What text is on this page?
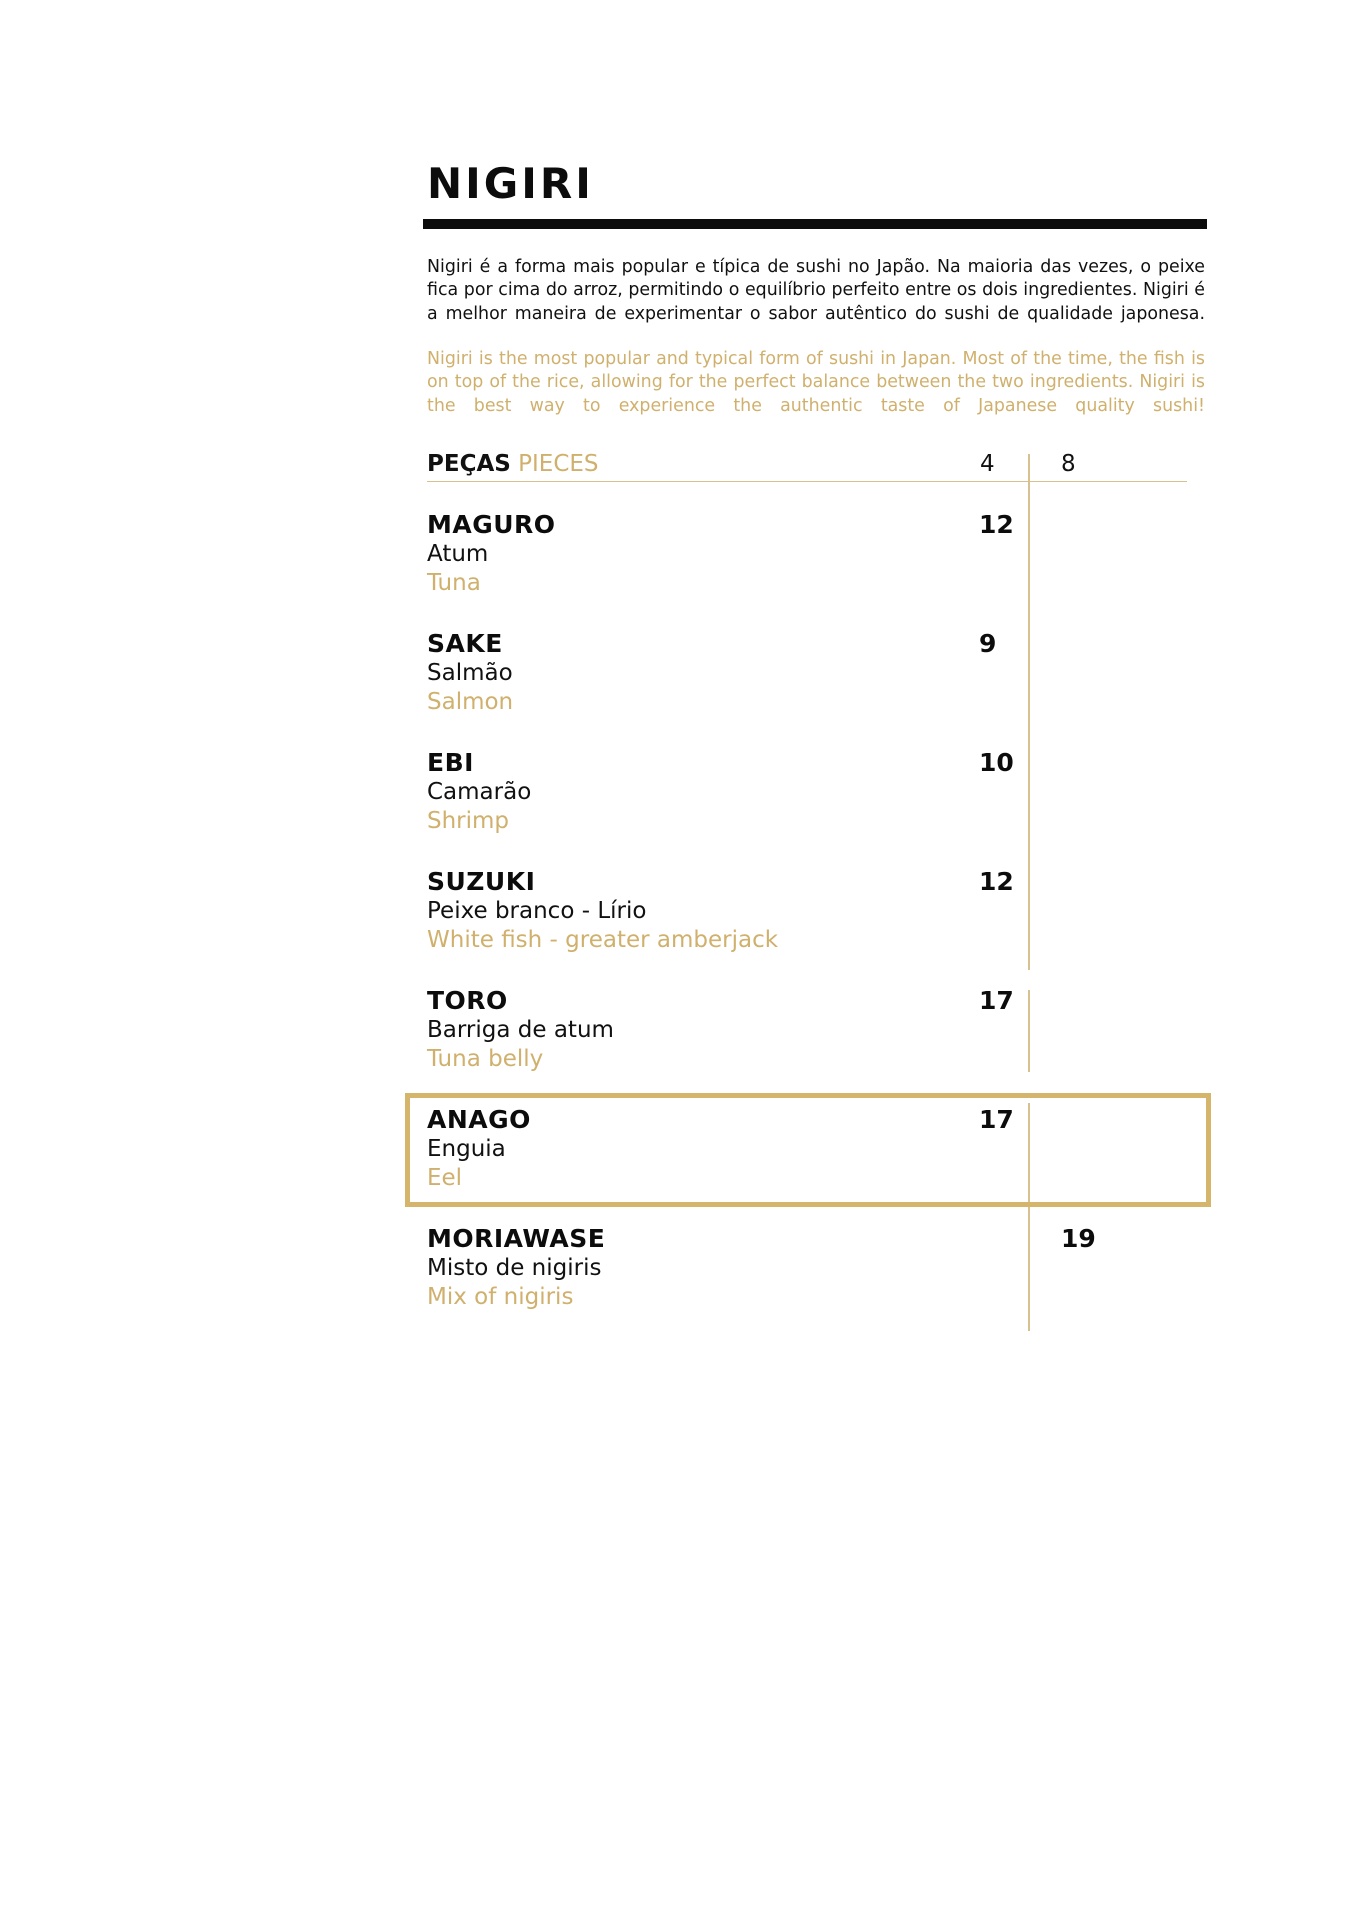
NIGIRI

Nigiri é a forma mais popular e típica de sushi no Japão. Na maioria das vezes, o peixe fica por cima do arroz, permitindo o equilíbrio perfeito entre os dois ingredientes. Nigiri é a melhor maneira de experimentar o sabor autêntico do sushi de qualidade japonesa.

Nigiri is the most popular and typical form of sushi in Japan. Most of the time, the fish is on top of the rice, allowing for the perfect balance between the two ingredients. Nigiri is the best way to experience the authentic taste of Japanese quality sushi!

PEÇAS PIECES	4	8
MAGURO
Atum
Tuna
12
SAKE
Salmão
Salmon
9
EBI
Camarão
Shrimp
10
SUZUKI
Peixe branco - Lírio
White fish - greater amberjack
12
TORO
Barriga de atum
Tuna belly
17
ANAGO
Enguia
Eel
17
MORIAWASE
Misto de nigiris
Mix of nigiris
19
